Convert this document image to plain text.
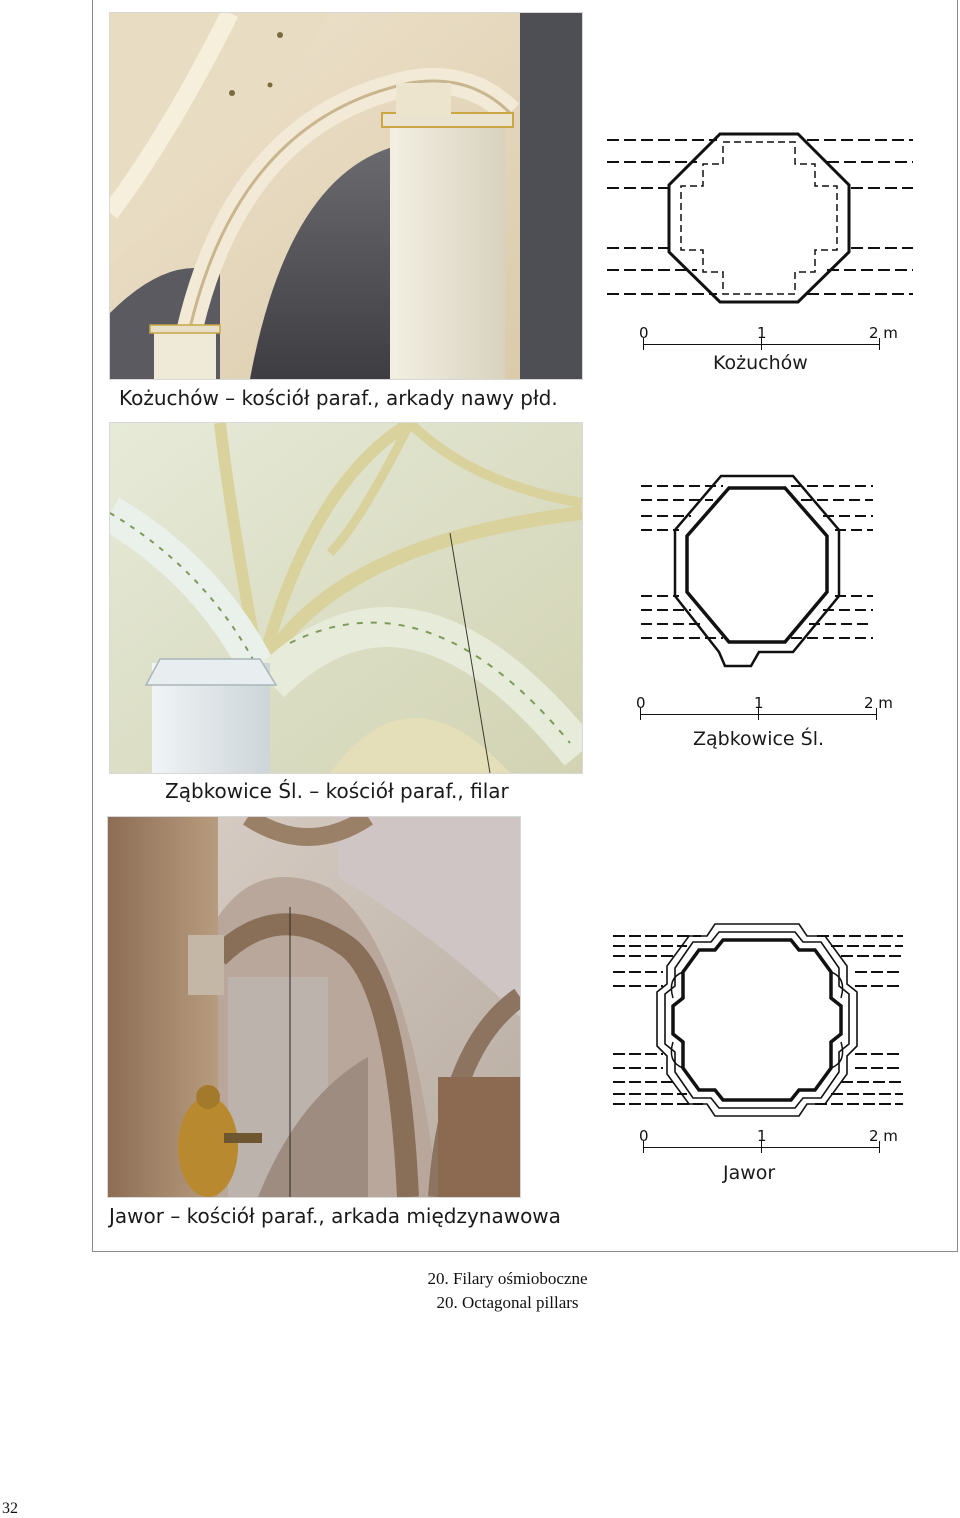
Kożuchów – kościół paraf., arkady nawy płd.
0	1	2 m
Kożuchów
Ząbkowice Śl. – kościół paraf., filar
0	1	2 m
Ząbkowice Śl.
Jawor – kościół paraf., arkada międzynawowa
0	1	2 m
Jawor
20. Filary ośmioboczne
20. Octagonal pillars
32
